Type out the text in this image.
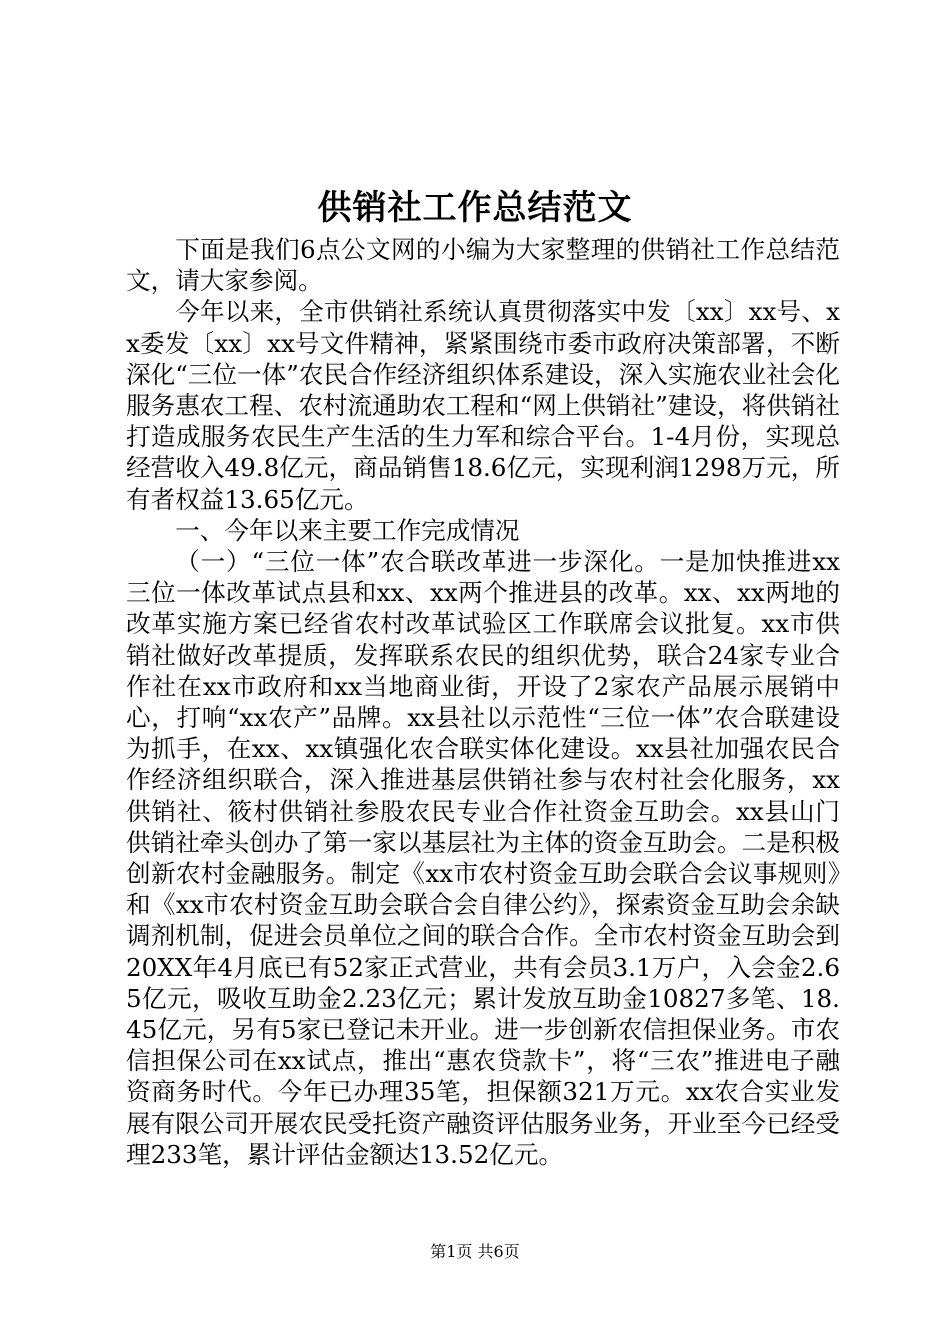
供销社工作总结范文

下面是我们6点公文网的小编为大家整理的供销社工作总结范文，请大家参阅。

今年以来，全市供销社系统认真贯彻落实中发〔xx〕xx号、xx委发〔xx〕xx号文件精神，紧紧围绕市委市政府决策部署，不断深化“三位一体”农民合作经济组织体系建设，深入实施农业社会化服务惠农工程、农村流通助农工程和“网上供销社”建设，将供销社打造成服务农民生产生活的生力军和综合平台。1-4月份，实现总经营收入49.8亿元，商品销售18.6亿元，实现利润1298万元，所有者权益13.65亿元。

一、今年以来主要工作完成情况

（一）“三位一体”农合联改革进一步深化。一是加快推进xx三位一体改革试点县和xx、xx两个推进县的改革。xx、xx两地的改革实施方案已经省农村改革试验区工作联席会议批复。xx市供销社做好改革提质，发挥联系农民的组织优势，联合24家专业合作社在xx市政府和xx当地商业街，开设了2家农产品展示展销中心，打响“xx农产”品牌。xx县社以示范性“三位一体”农合联建设为抓手，在xx、xx镇强化农合联实体化建设。xx县社加强农民合作经济组织联合，深入推进基层供销社参与农村社会化服务，xx供销社、筱村供销社参股农民专业合作社资金互助会。xx县山门供销社牵头创办了第一家以基层社为主体的资金互助会。二是积极创新农村金融服务。制定《xx市农村资金互助会联合会议事规则》和《xx市农村资金互助会联合会自律公约》，探索资金互助会余缺调剂机制，促进会员单位之间的联合合作。全市农村资金互助会到20XX年4月底已有52家正式营业，共有会员3.1万户，入会金2.65亿元，吸收互助金2.23亿元；累计发放互助金10827多笔、18.45亿元，另有5家已登记未开业。进一步创新农信担保业务。市农信担保公司在xx试点，推出“惠农贷款卡”，将“三农”推进电子融资商务时代。今年已办理35笔，担保额321万元。xx农合实业发展有限公司开展农民受托资产融资评估服务业务，开业至今已经受理233笔，累计评估金额达13.52亿元。

第1页 共6页
